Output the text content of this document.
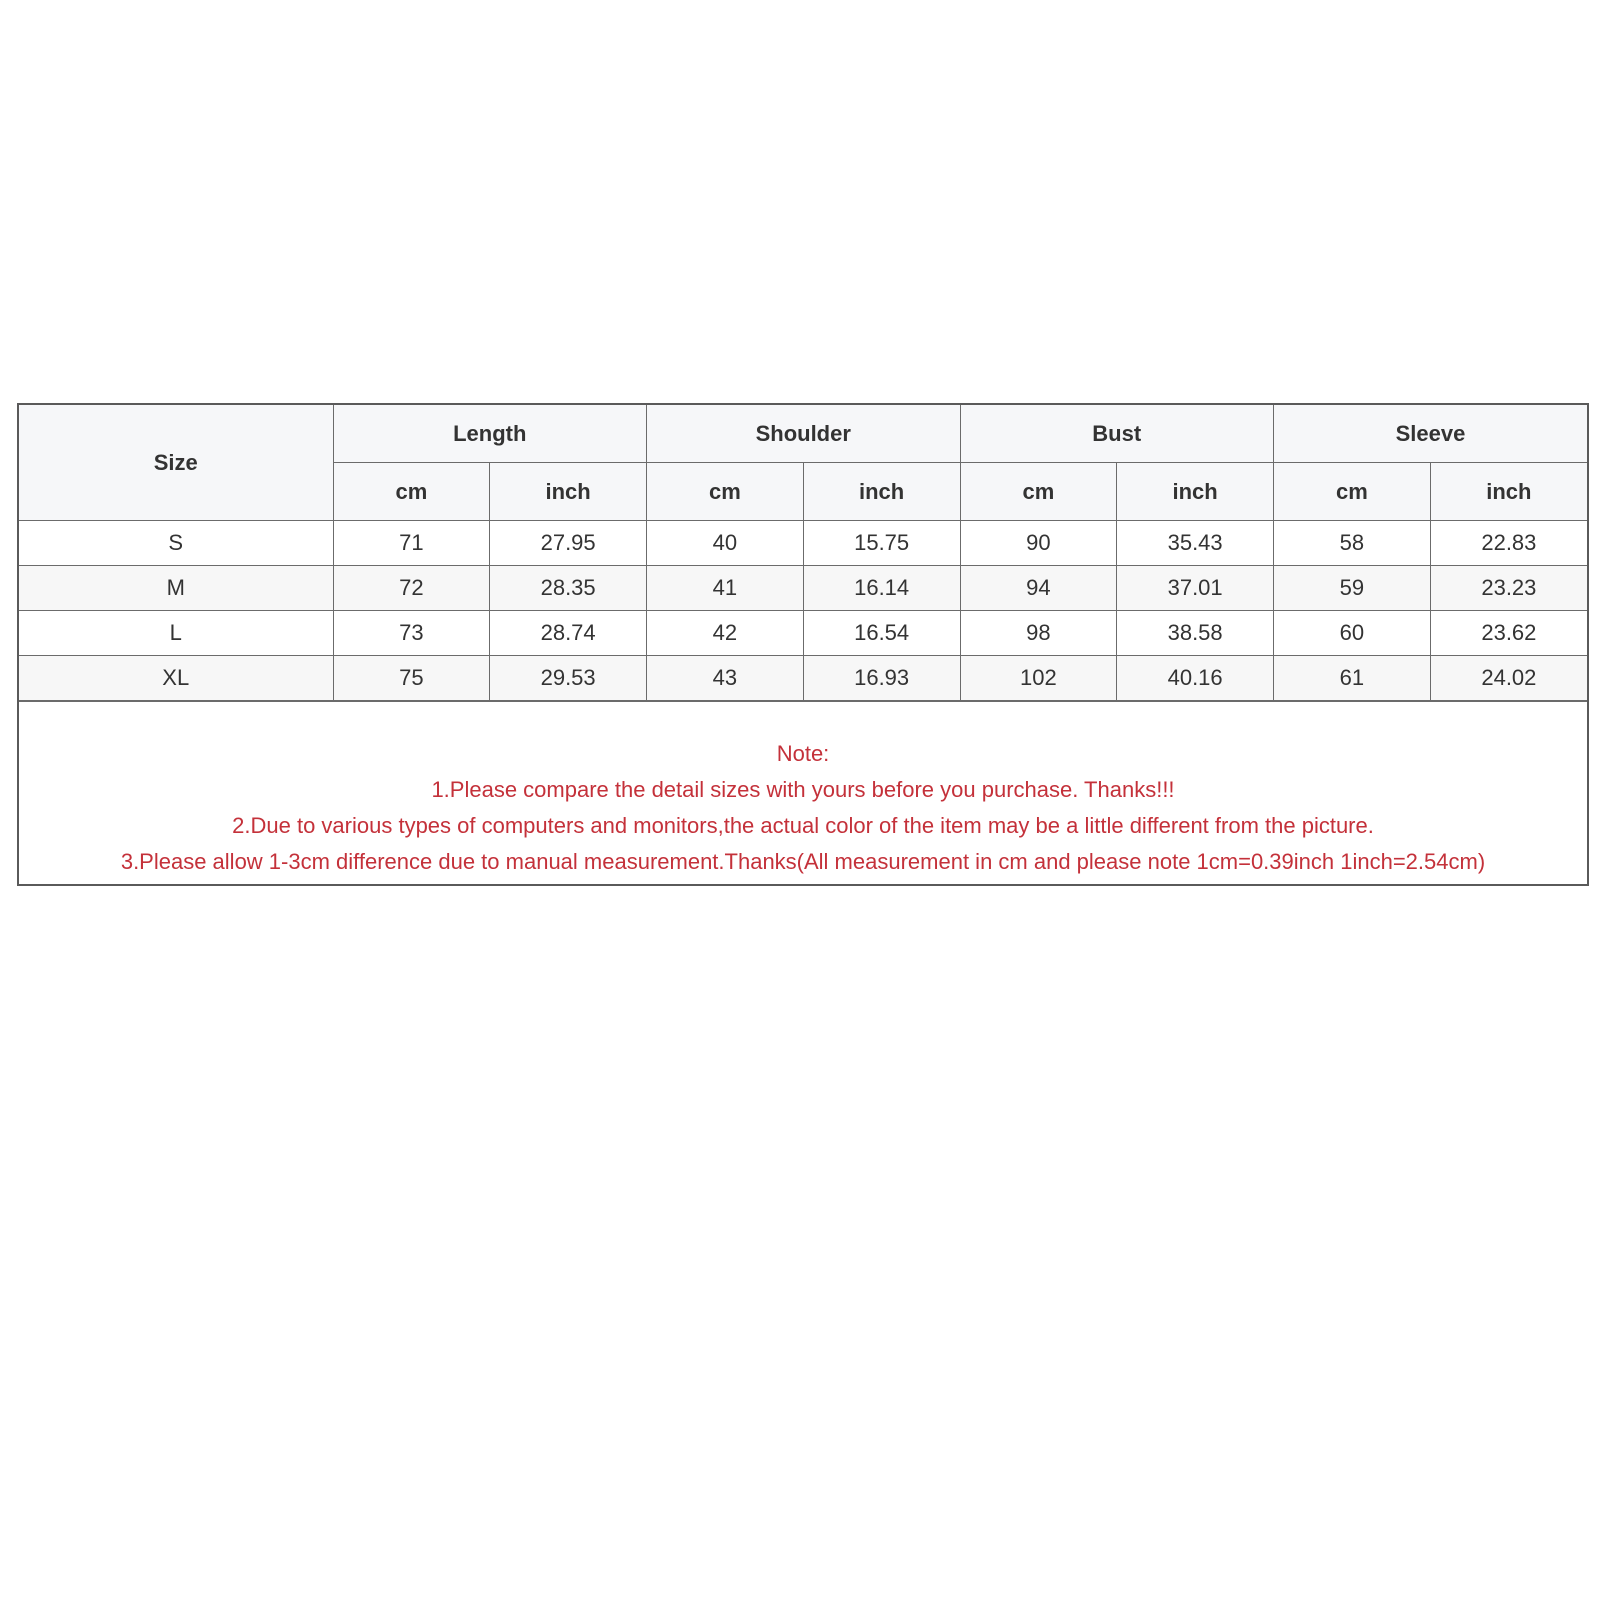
Size	Length		Shoulder		Bust		Sleeve	
	cm	inch	cm	inch	cm	inch	cm	inch
S	71	27.95	40	15.75	90	35.43	58	22.83
M	72	28.35	41	16.14	94	37.01	59	23.23
L	73	28.74	42	16.54	98	38.58	60	23.62
XL	75	29.53	43	16.93	102	40.16	61	24.02
Note:
1.Please compare the detail sizes with yours before you purchase. Thanks!!!
2.Due to various types of computers and monitors,the actual color of the item may be a little different from the picture.
3.Please allow 1-3cm difference due to manual measurement.Thanks(All measurement in cm and please note 1cm=0.39inch 1inch=2.54cm)
